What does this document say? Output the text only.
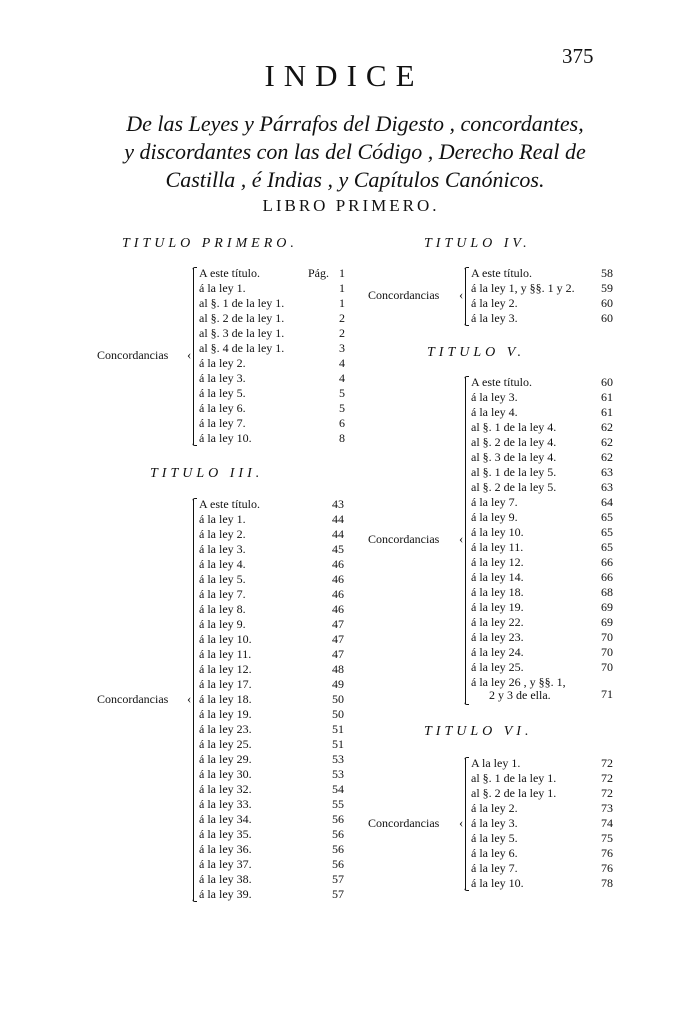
375
INDICE
De las Leyes y Párrafos del Digesto , concordantes,
y discordantes con las del Código , Derecho Real de
Castilla , é Indias , y Capítulos Canónicos.
LIBRO PRIMERO.
TITULO PRIMERO.
Pág.
A este título.	1
á la ley 1.	1
al §. 1 de la ley 1.	1
al §. 2 de la ley 1.	2
al §. 3 de la ley 1.	2
al §. 4 de la ley 1.	3
á la ley 2.	4
á la ley 3.	4
á la ley 5.	5
á la ley 6.	5
á la ley 7.	6
á la ley 10.	8
‹
Concordancias
TITULO III.
A este título.	43
á la ley 1.	44
á la ley 2.	44
á la ley 3.	45
á la ley 4.	46
á la ley 5.	46
á la ley 7.	46
á la ley 8.	46
á la ley 9.	47
á la ley 10.	47
á la ley 11.	47
á la ley 12.	48
á la ley 17.	49
á la ley 18.	50
á la ley 19.	50
á la ley 23.	51
á la ley 25.	51
á la ley 29.	53
á la ley 30.	53
á la ley 32.	54
á la ley 33.	55
á la ley 34.	56
á la ley 35.	56
á la ley 36.	56
á la ley 37.	56
á la ley 38.	57
á la ley 39.	57
‹
Concordancias
TITULO IV.
A este título.	58
á la ley 1, y §§. 1 y 2.	59
á la ley 2.	60
á la ley 3.	60
‹
Concordancias
TITULO V.
A este título.	60
á la ley 3.	61
á la ley 4.	61
al §. 1 de la ley 4.	62
al §. 2 de la ley 4.	62
al §. 3 de la ley 4.	62
al §. 1 de la ley 5.	63
al §. 2 de la ley 5.	63
á la ley 7.	64
á la ley 9.	65
á la ley 10.	65
á la ley 11.	65
á la ley 12.	66
á la ley 14.	66
á la ley 18.	68
á la ley 19.	69
á la ley 22.	69
á la ley 23.	70
á la ley 24.	70
á la ley 25.	70
á la ley 26 , y §§. 1,
2 y 3 de ella.	71
‹
Concordancias
TITULO VI.
A la ley 1.	72
al §. 1 de la ley 1.	72
al §. 2 de la ley 1.	72
á la ley 2.	73
á la ley 3.	74
á la ley 5.	75
á la ley 6.	76
á la ley 7.	76
á la ley 10.	78
‹
Concordancias
